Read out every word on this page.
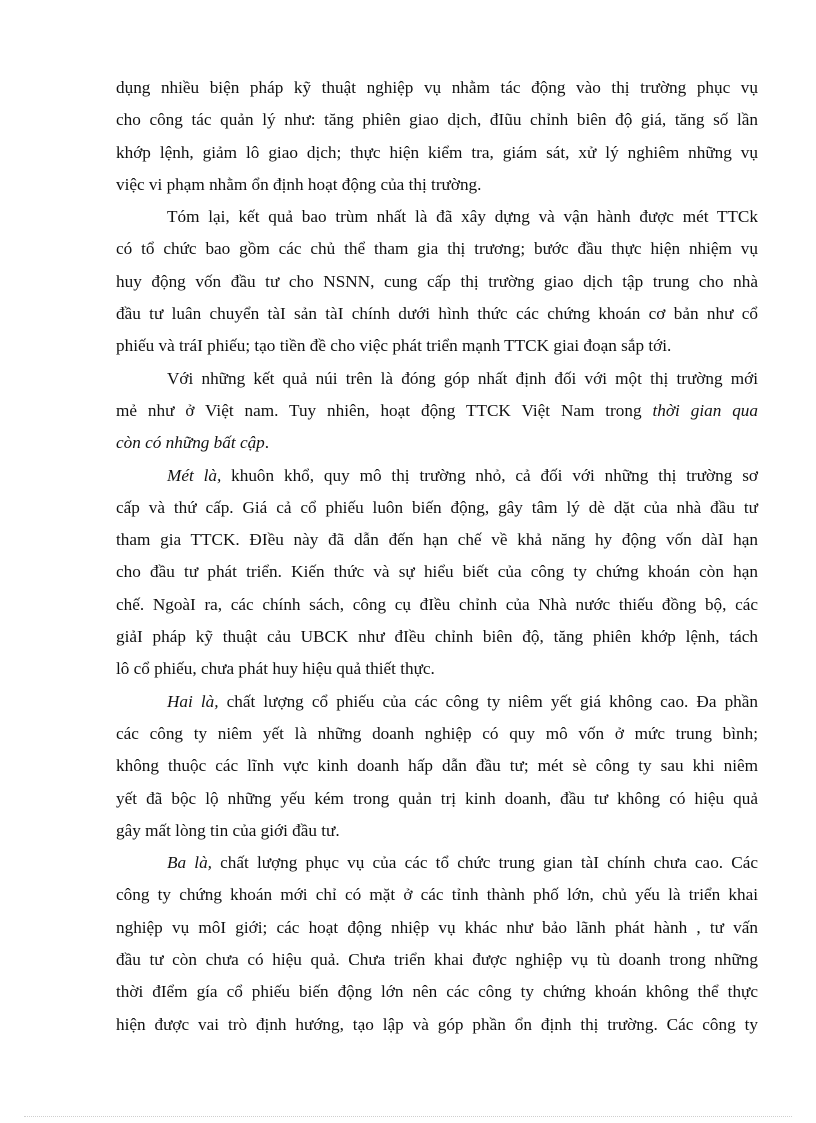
dụng nhiều biện pháp kỹ thuật nghiệp vụ nhằm tác động vào thị trường phục vụ
cho công tác quản lý như: tăng phiên giao dịch, đIũu chỉnh biên độ giá, tăng số lần
khớp lệnh, giảm lô giao dịch; thực hiện kiểm tra, giám sát, xử lý nghiêm những vụ
việc vi phạm nhằm ổn định hoạt động của thị trường.

Tóm lại, kết quả bao trùm nhất là đã xây dựng và vận hành được mét TTCk
có tổ chức bao gồm các chủ thể tham gia thị trương; bước đầu thực hiện nhiệm vụ
huy động vốn đầu tư cho NSNN, cung cấp thị trường giao dịch tập trung cho nhà
đầu tư luân chuyển tàI sản tàI chính dưới hình thức các chứng khoán cơ bản như cổ
phiếu và tráI phiếu; tạo tiền đề cho việc phát triển mạnh TTCK giai đoạn sắp tới.

Với những kết quả núi trên là đóng góp nhất định đối với một thị trường mới
mẻ như ở Việt nam. Tuy nhiên, hoạt động TTCK Việt Nam trong thời gian qua
còn có những bất cập.

Mét là, khuôn khổ, quy mô thị trường nhỏ, cả đối với những thị trường sơ
cấp và thứ cấp. Giá cả cổ phiếu luôn biến động, gây tâm lý dè dặt của nhà đầu tư
tham gia TTCK. ĐIều này đã dẫn đến hạn chế về khả năng hy động vốn dàI hạn
cho đầu tư phát triển. Kiến thức và sự hiểu biết của công ty chứng khoán còn hạn
chế. NgoàI ra, các chính sách, công cụ đIều chỉnh của Nhà nước thiếu đồng bộ, các
giảI pháp kỹ thuật cảu UBCK như đIều chỉnh biên độ, tăng phiên khớp lệnh, tách
lô cổ phiếu, chưa phát huy hiệu quả thiết thực.

Hai là, chất lượng cổ phiếu của các công ty niêm yết giá không cao. Đa phần
các công ty niêm yết là những doanh nghiệp có quy mô vốn ở mức trung bình;
không thuộc các lĩnh vực kinh doanh hấp dẫn đầu tư; mét sè công ty sau khi niêm
yết đã bộc lộ những yếu kém trong quản trị kinh doanh, đầu tư không có hiệu quả
gây mất lòng tin của giới đầu tư.

Ba là, chất lượng phục vụ của các tổ chức trung gian tàI chính chưa cao. Các
công ty chứng khoán mới chỉ có mặt ở các tỉnh thành phố lớn, chủ yếu là triển khai
nghiệp vụ môI giới; các hoạt động nhiệp vụ khác như bảo lãnh phát hành , tư vấn
đầu tư còn chưa có hiệu quả. Chưa triển khai được nghiệp vụ tù doanh trong những
thời đIểm gía cổ phiếu biến động lớn nên các công ty chứng khoán không thể thực
hiện được vai trò định hướng, tạo lập và góp phần ổn định thị trường. Các công ty
